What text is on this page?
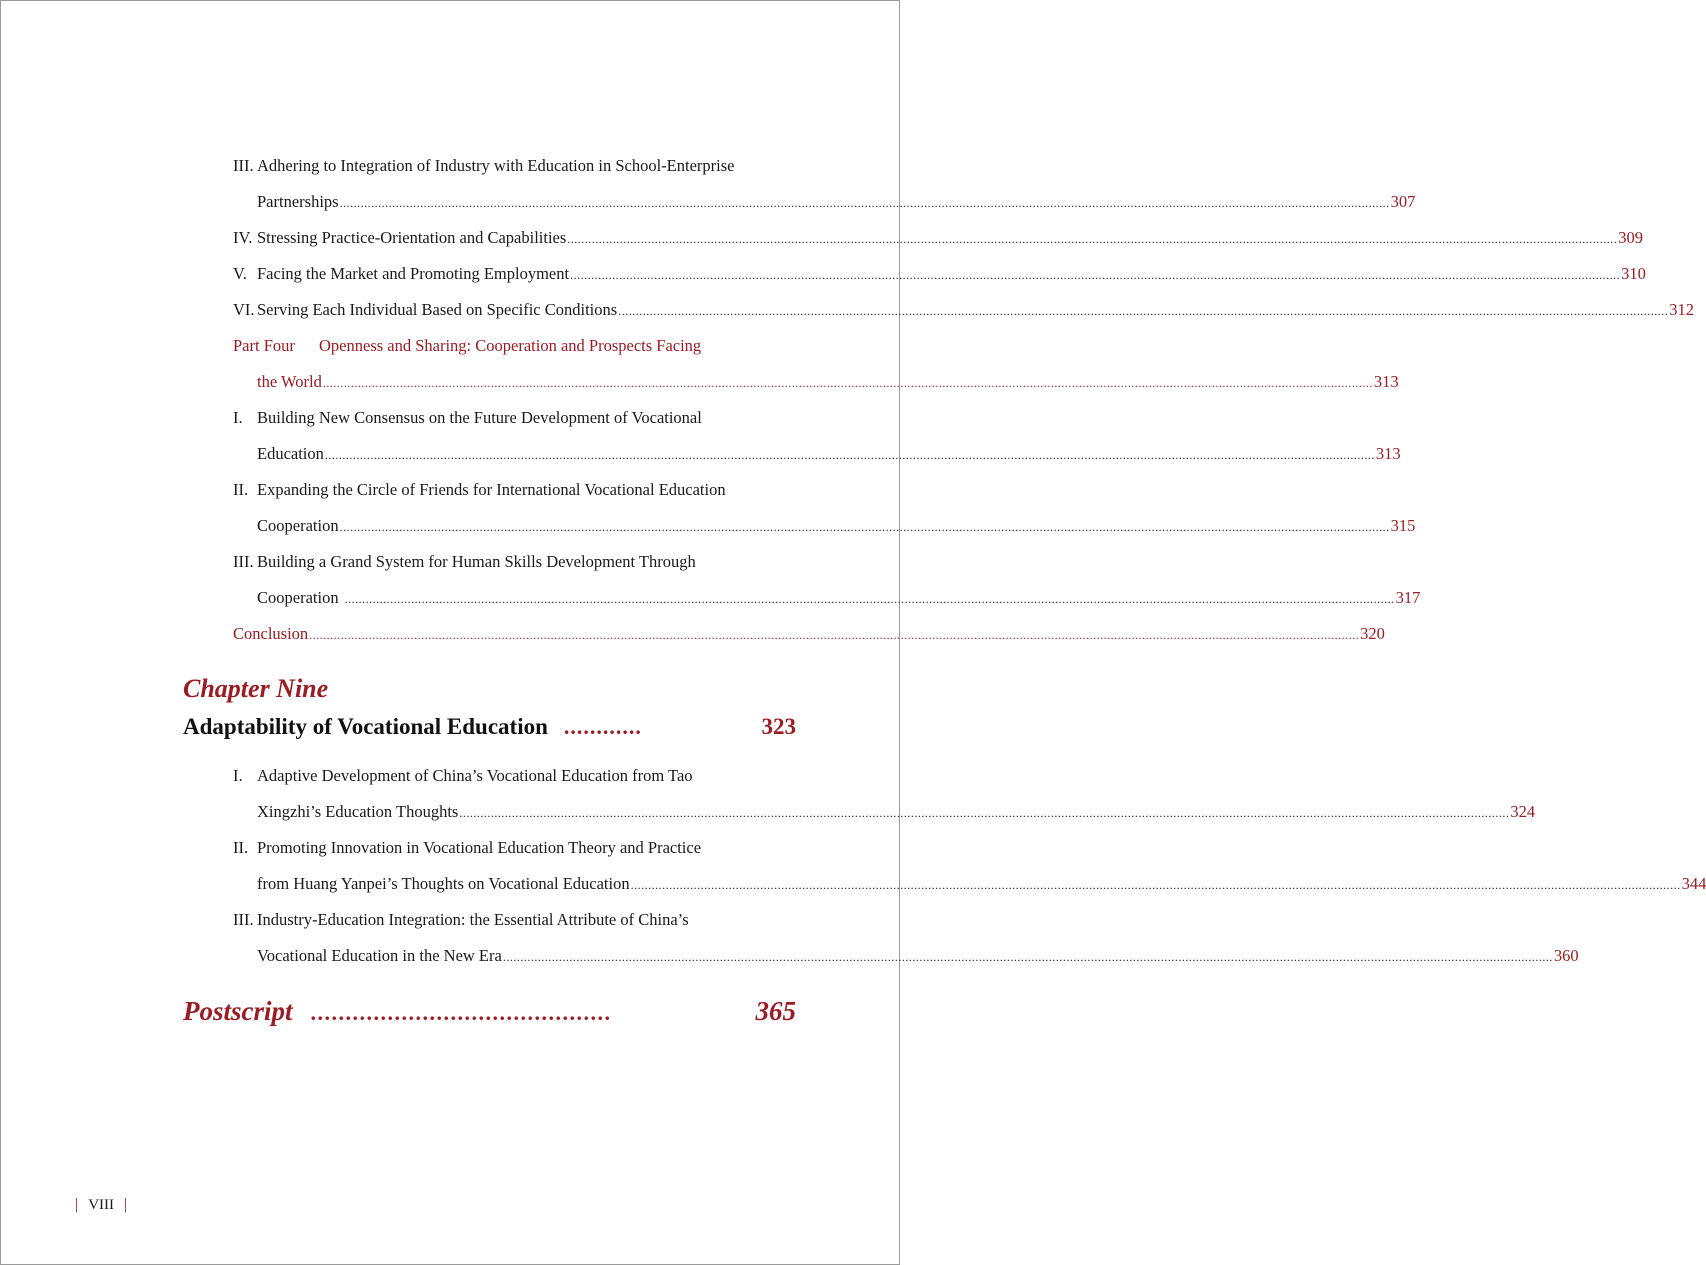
III. Adhering to Integration of Industry with Education in School-Enterprise
Partnerships ............................................................................................................................................................................................................................................................................................................ 307
IV. Stressing Practice-Orientation and Capabilities ............................................................................................................................................................................................................................................................................................................ 309
V. Facing the Market and Promoting Employment ............................................................................................................................................................................................................................................................................................................ 310
VI. Serving Each Individual Based on Specific Conditions ............................................................................................................................................................................................................................................................................................................ 312
Part Four	Openness and Sharing: Cooperation and Prospects Facing
the World ............................................................................................................................................................................................................................................................................................................ 313
I. Building New Consensus on the Future Development of Vocational
Education ............................................................................................................................................................................................................................................................................................................ 313
II. Expanding the Circle of Friends for International Vocational Education
Cooperation ............................................................................................................................................................................................................................................................................................................ 315
III. Building a Grand System for Human Skills Development Through
Cooperation ............................................................................................................................................................................................................................................................................................................ 317
Conclusion ............................................................................................................................................................................................................................................................................................................ 320
Chapter Nine
Adaptability of Vocational Education ............	323
I. Adaptive Development of China’s Vocational Education from Tao
Xingzhi’s Education Thoughts ............................................................................................................................................................................................................................................................................................................ 324
II. Promoting Innovation in Vocational Education Theory and Practice
from Huang Yanpei’s Thoughts on Vocational Education ............................................................................................................................................................................................................................................................................................................ 344
III. Industry-Education Integration: the Essential Attribute of China’s
Vocational Education in the New Era ............................................................................................................................................................................................................................................................................................................ 360
Postscript ...........................................	365
| VIII |
